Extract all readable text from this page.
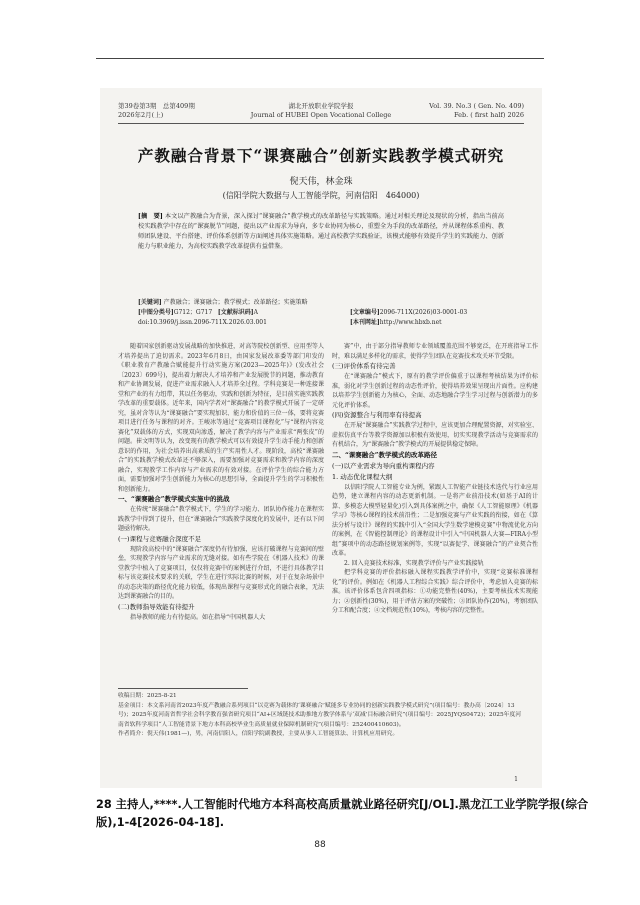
第39卷第3期　总第409期
2026年2月(上)
湖北开放职业学院学报
Journal of HUBEI Open Vocational College
Vol. 39. No.3 ( Gen. No. 409)
Feb. ( first half) 2026
产教融合背景下“课赛融合”创新实践教学模式研究
倪天伟，林金珠
(信阳学院大数据与人工智能学院，河南信阳　464000)
[摘　要] 本文以产教融合为背景，深入探讨“课赛融合”教学模式的改革路径与实践策略。通过对相关理论及现状的分析，指出当前高校实践教学中存在的“课赛脱节”问题，提出以产业需求为导向，多专业协同为核心，重塑全为手段的改革路径，并从课程体系重构、教师团队建设、平台搭建、评价体系创新等方面阐述具体实施策略。通过高校教学实践验证，该模式能够有效提升学生的实践能力、创新能力与职业能力，为高校实践教学改革提供有益借鉴。
[关键词] 产教融合；课赛融合；教学模式；改革路径；实施策略
[中图分类号]G712；G717 [文献标识码]A	[文章编号]2096-711X(2026)03-0001-03
doi:10.3969/j.issn.2096-711X.2026.03.001	[本刊网址]http://www.hbxb.net

随着国家创新驱动发展战略的加快推进，对高等院校创新型、应用型等人才培养提出了迫切需求。2023年6月8日，由国家发展改革委等部门印发的《职业教育产教融合赋能提升行动实施方案(2023—2025年)》(发改社会〔2023〕699号)，提出着力解决人才培养和产业发展脱节的问题，推动教育和产业协调发展，促进产业需求融入人才培养全过程。学科竞赛是一种连接课堂和产业的有力纽带，其以任务驱动，实践和创新为特征，是目前实施实践教学改革的重要载体。近年来，国内学者对“课赛融合”的教学模式开展了一定研究，虽对含等认为“课赛融合”要实现加识、能力和价值的三位一体，要将竞赛项目进行任务与课程的对齐。王峻冰等通过“竞赛项目课程化”与“课程内容竞赛化”双载体的方式，实现双向渗透，解决了教学内容与产业需求“两张皮”的问题。崔文明等认为，改变现有的教学模式可以有效提升学生动手能力和创新意识的作用，为社会培养出高素质的生产实用性人才。现阶段，高校“课赛融合”的实践教学模式改革还不够深入，需要加强对竞赛需求和教学内容的深度融合，实现教学工作内容与产业需求的有效对接。在评价学生的综合能力方面，需要加强对学生创新能力为核心的思想引导，全面提升学生的学习积极性和创新能力。

一、“课赛融合”教学模式实施中的挑战

在传统“课赛融合”教学模式下，学生的学习能力、团队协作能力在课程实践教学中得到了提升，但在“课赛融合”实践教学深度化的发展中，还有以下问题亟待解决。

(一)课程与竞赛融合深度不足

现阶段高校中的“课赛融合”深度仍有待加强，应该打破课程与竞赛间的壁垒，实现教学内容与产业需求的无缝对接。如有些学院在《机器人技术》的课堂教学中植入了竞赛项目，仅仅将竞赛中的案例进行介绍，不进行具体教学目标与该竞赛技术要求的关联，学生在进行实际比赛的时候，对于在复杂场景中的动态决策的路径优化能力较低，体现出课程与竞赛形式化的融合表象，无法达到课赛融合的目的。

(二)教师指导效能有待提升

指导教师的能力有待提高。如在指导“中国机器人大

赛”中，由于部分指导教师专业领域覆盖范围不够宽泛，在开班指导工作时，难以满足多样化的需求，使得学生团队在竞赛技术攻关环节受限。

(三)评价体系有待完善

在“课赛融合”模式下，原有的教学评价偏重于以课程考核结果为评价标准，弱化对学生创新过程的动态性评价，使得培养效果呈现出片面性。应构建以培养学生创新能力为核心，全面、动态地融合学生学习过程与创新潜力的多元化评价体系。

(四)资源整合与利用率有待提高

在开展“课赛融合”实践教学过程中，应该更加合理配置资源，对实验室、虚拟仿真平台等教学资源加以积极有效使用，切实实现教学活动与竞赛需求的有机结合，为“课赛融合”教学模式的开展提供稳定保障。

二、“课赛融合”教学模式的改革路径

(一)以产业需求为导向重构课程内容

1. 动态优化课程大纲

以信阳学院人工智能专业为例，紧跟人工智能产业链技术迭代与行业应用趋势，建立课程内容的动态更新机制。一是将产业前沿技术(如基于AI的计算、多模态大模型轻量化)引入到具体案例之中，确保《人工智能原理》《机器学习》等核心课程的技术前沿性；二是加强竞赛与产业实践的衔接，如在《算法分析与设计》课程的实践中引入“全国大学生数学建模竞赛”中物流优化方向的案例，在《智能控制理论》的课程设计中引入“中国机器人大赛—FIRA小型组”赛项中的动态路径规划案例等，实现“以赛促学、课赛融合”的产业契合性改革。

2. 回入竞赛技术标准，实现教学评价与产业实践接轨

把学科竞赛的评价指标融入课程实践教学评价中，实现“竞赛标准课程化”的评价。例如在《机器人工程综合实践》综合评价中，考虑加入竞赛的标准。该评价体系包含四项指标：①功能完整性(40%)，主要考核技术实现能力；②创新性(30%)，用于评估方案的突破性；③团队协作(20%)，考察团队分工和配合度；④文档规范性(10%)，考核内容的完整性。

收稿日期：2025-8-21
基金项目：本文系河南省2023年度产教融合系列项目“以竞赛为载体的‘课赛融合’赋能多专业协同的创新实践教学模式研究”(项目编号：教办高〔2024〕13号)；2025年度河南省哲学社会科学教育强省研究项目“AI+区域链技术助推地方教学体系与‘双减’目标融合研究”(项目编号：2025JYQS0472)；2025年度河南省软科学项目“人工智能背景下地方本科高校毕业生高质量就业保障机制研究”(项目编号：252400410603)。
作者简介：倪天伟(1981—)，男，河南信阳人，信阳学院副教授，主要从事人工智能算法、计算机应用研究。
1
28 主持人,****.人工智能时代地方本科高校高质量就业路径研究[J/OL].黑龙江工业学院学报(综合版),1-4[2026-04-18].
88
